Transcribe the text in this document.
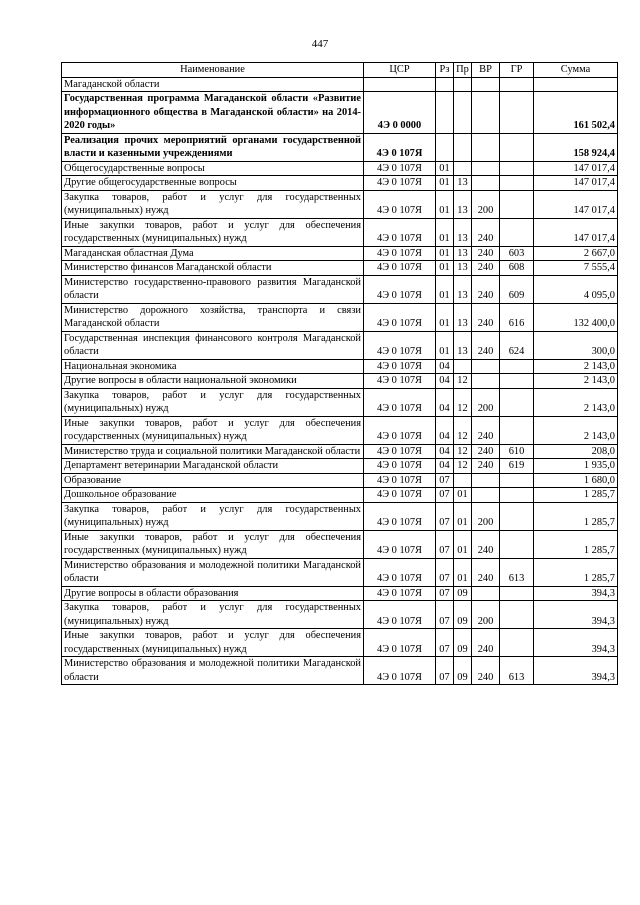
447
Наименование	ЦСР	Рз	Пр	ВР	ГР	Сумма
Магаданской области						
Государственная программа Магаданской области «Развитие информационного общества в Магаданской области» на 2014-2020 годы»	4Э 0 0000					161 502,4
Реализация прочих мероприятий органами государственной власти и казенными учреждениями	4Э 0 107Я					158 924,4
Общегосударственные вопросы	4Э 0 107Я	01				147 017,4
Другие общегосударственные вопросы	4Э 0 107Я	01	13			147 017,4
Закупка товаров, работ и услуг для государственных (муниципальных) нужд	4Э 0 107Я	01	13	200		147 017,4
Иные закупки товаров, работ и услуг для обеспечения государственных (муниципальных) нужд	4Э 0 107Я	01	13	240		147 017,4
Магаданская областная Дума	4Э 0 107Я	01	13	240	603	2 667,0
Министерство финансов Магаданской области	4Э 0 107Я	01	13	240	608	7 555,4
Министерство государственно-правового развития Магаданской области	4Э 0 107Я	01	13	240	609	4 095,0
Министерство дорожного хозяйства, транспорта и связи Магаданской области	4Э 0 107Я	01	13	240	616	132 400,0
Государственная инспекция финансового контроля Магаданской области	4Э 0 107Я	01	13	240	624	300,0
Национальная экономика	4Э 0 107Я	04				2 143,0
Другие вопросы в области национальной экономики	4Э 0 107Я	04	12			2 143,0
Закупка товаров, работ и услуг для государственных (муниципальных) нужд	4Э 0 107Я	04	12	200		2 143,0
Иные закупки товаров, работ и услуг для обеспечения государственных (муниципальных) нужд	4Э 0 107Я	04	12	240		2 143,0
Министерство труда и социальной политики Магаданской области	4Э 0 107Я	04	12	240	610	208,0
Департамент ветеринарии Магаданской области	4Э 0 107Я	04	12	240	619	1 935,0
Образование	4Э 0 107Я	07				1 680,0
Дошкольное образование	4Э 0 107Я	07	01			1 285,7
Закупка товаров, работ и услуг для государственных (муниципальных) нужд	4Э 0 107Я	07	01	200		1 285,7
Иные закупки товаров, работ и услуг для обеспечения государственных (муниципальных) нужд	4Э 0 107Я	07	01	240		1 285,7
Министерство образования и молодежной политики Магаданской области	4Э 0 107Я	07	01	240	613	1 285,7
Другие вопросы в области образования	4Э 0 107Я	07	09			394,3
Закупка товаров, работ и услуг для государственных (муниципальных) нужд	4Э 0 107Я	07	09	200		394,3
Иные закупки товаров, работ и услуг для обеспечения государственных (муниципальных) нужд	4Э 0 107Я	07	09	240		394,3
Министерство образования и молодежной политики Магаданской области	4Э 0 107Я	07	09	240	613	394,3
